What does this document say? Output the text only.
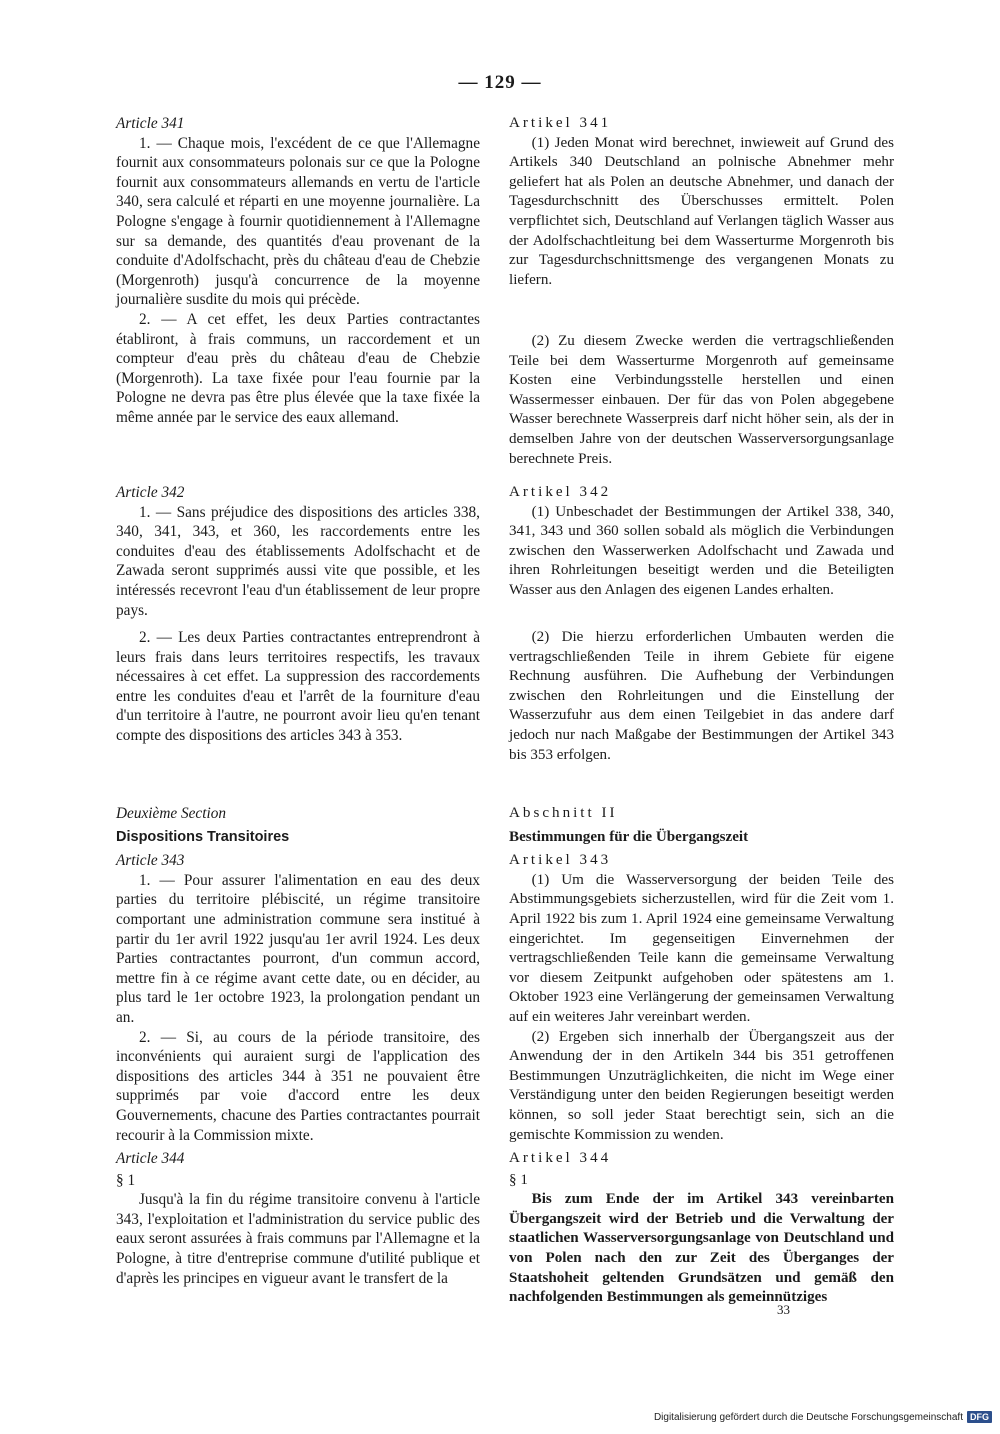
— 129 —

Article 341

1. — Chaque mois, l'excédent de ce que l'Allemagne fournit aux consommateurs polonais sur ce que la Pologne fournit aux consommateurs allemands en vertu de l'article 340, sera calculé et réparti en une moyenne journalière. La Pologne s'engage à fournir quotidiennement à l'Allemagne sur sa demande, des quantités d'eau provenant de la conduite d'Adolfschacht, près du château d'eau de Chebzie (Morgenroth) jusqu'à concurrence de la moyenne journalière susdite du mois qui précède.

2. — A cet effet, les deux Parties contractantes établiront, à frais communs, un raccordement et un compteur d'eau près du château d'eau de Chebzie (Morgenroth). La taxe fixée pour l'eau fournie par la Pologne ne devra pas être plus élevée que la taxe fixée la même année par le service des eaux allemand.

Article 342

1. — Sans préjudice des dispositions des articles 338, 340, 341, 343, et 360, les raccordements entre les conduites d'eau des établissements Adolfschacht et de Zawada seront supprimés aussi vite que possible, et les intéressés recevront l'eau d'un établissement de leur propre pays.

2. — Les deux Parties contractantes entreprendront à leurs frais dans leurs territoires respectifs, les travaux nécessaires à cet effet. La suppression des raccordements entre les conduites d'eau et l'arrêt de la fourniture d'eau d'un territoire à l'autre, ne pourront avoir lieu qu'en tenant compte des dispositions des articles 343 à 353.

Deuxième Section

Dispositions Transitoires

Article 343

1. — Pour assurer l'alimentation en eau des deux parties du territoire plébiscité, un régime transitoire comportant une administration commune sera institué à partir du 1er avril 1922 jusqu'au 1er avril 1924. Les deux Parties contractantes pourront, d'un commun accord, mettre fin à ce régime avant cette date, ou en décider, au plus tard le 1er octobre 1923, la prolongation pendant un an.

2. — Si, au cours de la période transitoire, des inconvénients qui auraient surgi de l'application des dispositions des articles 344 à 351 ne pouvaient être supprimés par voie d'accord entre les deux Gouvernements, chacune des Parties contractantes pourrait recourir à la Commission mixte.

Article 344

§ 1

Jusqu'à la fin du régime transitoire convenu à l'article 343, l'exploitation et l'administration du service public des eaux seront assurées à frais communs par l'Allemagne et la Pologne, à titre d'entreprise commune d'utilité publique et d'après les principes en vigueur avant le transfert de la

Artikel 341

(1) Jeden Monat wird berechnet, inwieweit auf Grund des Artikels 340 Deutschland an polnische Abnehmer mehr geliefert hat als Polen an deutsche Abnehmer, und danach der Tagesdurchschnitt des Überschusses ermittelt. Polen verpflichtet sich, Deutschland auf Verlangen täglich Wasser aus der Adolfschachtleitung bei dem Wasserturme Morgenroth bis zur Tagesdurchschnittsmenge des vergangenen Monats zu liefern.

(2) Zu diesem Zwecke werden die vertragschließenden Teile bei dem Wasserturme Morgenroth auf gemeinsame Kosten eine Verbindungsstelle herstellen und einen Wassermesser einbauen. Der für das von Polen abgegebene Wasser berechnete Wasserpreis darf nicht höher sein, als der in demselben Jahre von der deutschen Wasserversorgungsanlage berechnete Preis.

Artikel 342

(1) Unbeschadet der Bestimmungen der Artikel 338, 340, 341, 343 und 360 sollen sobald als möglich die Verbindungen zwischen den Wasserwerken Adolfschacht und Zawada und ihren Rohrleitungen beseitigt werden und die Beteiligten Wasser aus den Anlagen des eigenen Landes erhalten.

(2) Die hierzu erforderlichen Umbauten werden die vertragschließenden Teile in ihrem Gebiete für eigene Rechnung ausführen. Die Aufhebung der Verbindungen zwischen den Rohrleitungen und die Einstellung der Wasserzufuhr aus dem einen Teilgebiet in das andere darf jedoch nur nach Maßgabe der Bestimmungen der Artikel 343 bis 353 erfolgen.

Abschnitt II

Bestimmungen für die Übergangszeit

Artikel 343

(1) Um die Wasserversorgung der beiden Teile des Abstimmungsgebiets sicherzustellen, wird für die Zeit vom 1. April 1922 bis zum 1. April 1924 eine gemeinsame Verwaltung eingerichtet. Im gegenseitigen Einvernehmen der vertragschließenden Teile kann die gemeinsame Verwaltung vor diesem Zeitpunkt aufgehoben oder spätestens am 1. Oktober 1923 eine Verlängerung der gemeinsamen Verwaltung auf ein weiteres Jahr vereinbart werden.

(2) Ergeben sich innerhalb der Übergangszeit aus der Anwendung der in den Artikeln 344 bis 351 getroffenen Bestimmungen Unzuträglichkeiten, die nicht im Wege einer Verständigung unter den beiden Regierungen beseitigt werden können, so soll jeder Staat berechtigt sein, sich an die gemischte Kommission zu wenden.

Artikel 344

§ 1

Bis zum Ende der im Artikel 343 vereinbarten Übergangszeit wird der Betrieb und die Verwaltung der staatlichen Wasserversorgungsanlage von Deutschland und von Polen nach den zur Zeit des Überganges der Staatshoheit geltenden Grundsätzen und gemäß den nachfolgenden Bestimmungen als gemeinnütziges

33
Digitalisierung gefördert durch die Deutsche Forschungsgemeinschaft DFG
